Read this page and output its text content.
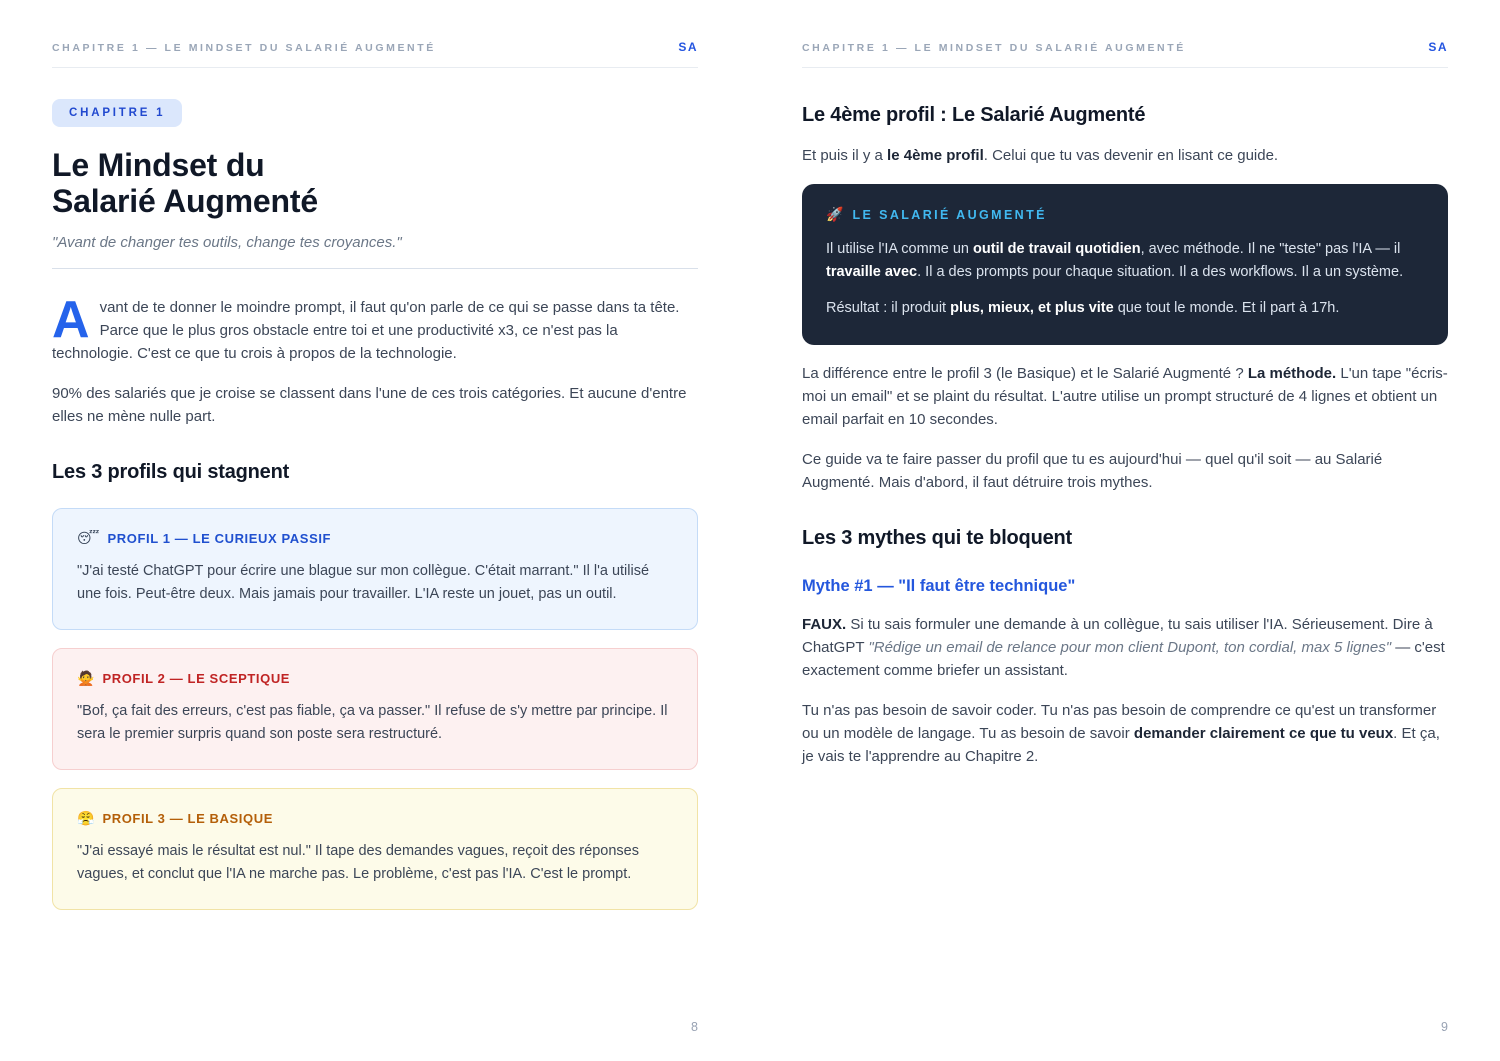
CHAPITRE 1 — LE MINDSET DU SALARIÉ AUGMENTÉ	SA
CHAPITRE 1
Le Mindset du
Salarié Augmenté

"Avant de changer tes outils, change tes croyances."

Avant de te donner le moindre prompt, il faut qu'on parle de ce qui se passe dans ta tête. Parce que le plus gros obstacle entre toi et une productivité x3, ce n'est pas la technologie. C'est ce que tu crois à propos de la technologie.

90% des salariés que je croise se classent dans l'une de ces trois catégories. Et aucune d'entre elles ne mène nulle part.

Les 3 profils qui stagnent
😴 PROFIL 1 — LE CURIEUX PASSIF

"J'ai testé ChatGPT pour écrire une blague sur mon collègue. C'était marrant." Il l'a utilisé une fois. Peut-être deux. Mais jamais pour travailler. L'IA reste un jouet, pas un outil.

🙅 PROFIL 2 — LE SCEPTIQUE

"Bof, ça fait des erreurs, c'est pas fiable, ça va passer." Il refuse de s'y mettre par principe. Il sera le premier surpris quand son poste sera restructuré.

😤 PROFIL 3 — LE BASIQUE

"J'ai essayé mais le résultat est nul." Il tape des demandes vagues, reçoit des réponses vagues, et conclut que l'IA ne marche pas. Le problème, c'est pas l'IA. C'est le prompt.

8
CHAPITRE 1 — LE MINDSET DU SALARIÉ AUGMENTÉ	SA
Le 4ème profil : Le Salarié Augmenté

Et puis il y a le 4ème profil. Celui que tu vas devenir en lisant ce guide.

🚀 LE SALARIÉ AUGMENTÉ

Il utilise l'IA comme un outil de travail quotidien, avec méthode. Il ne "teste" pas l'IA — il travaille avec. Il a des prompts pour chaque situation. Il a des workflows. Il a un système.

Résultat : il produit plus, mieux, et plus vite que tout le monde. Et il part à 17h.

La différence entre le profil 3 (le Basique) et le Salarié Augmenté ? La méthode. L'un tape "écris-moi un email" et se plaint du résultat. L'autre utilise un prompt structuré de 4 lignes et obtient un email parfait en 10 secondes.

Ce guide va te faire passer du profil que tu es aujourd'hui — quel qu'il soit — au Salarié Augmenté. Mais d'abord, il faut détruire trois mythes.

Les 3 mythes qui te bloquent
Mythe #1 — "Il faut être technique"

FAUX. Si tu sais formuler une demande à un collègue, tu sais utiliser l'IA. Sérieusement. Dire à ChatGPT "Rédige un email de relance pour mon client Dupont, ton cordial, max 5 lignes" — c'est exactement comme briefer un assistant.

Tu n'as pas besoin de savoir coder. Tu n'as pas besoin de comprendre ce qu'est un transformer ou un modèle de langage. Tu as besoin de savoir demander clairement ce que tu veux. Et ça, je vais te l'apprendre au Chapitre 2.

9
